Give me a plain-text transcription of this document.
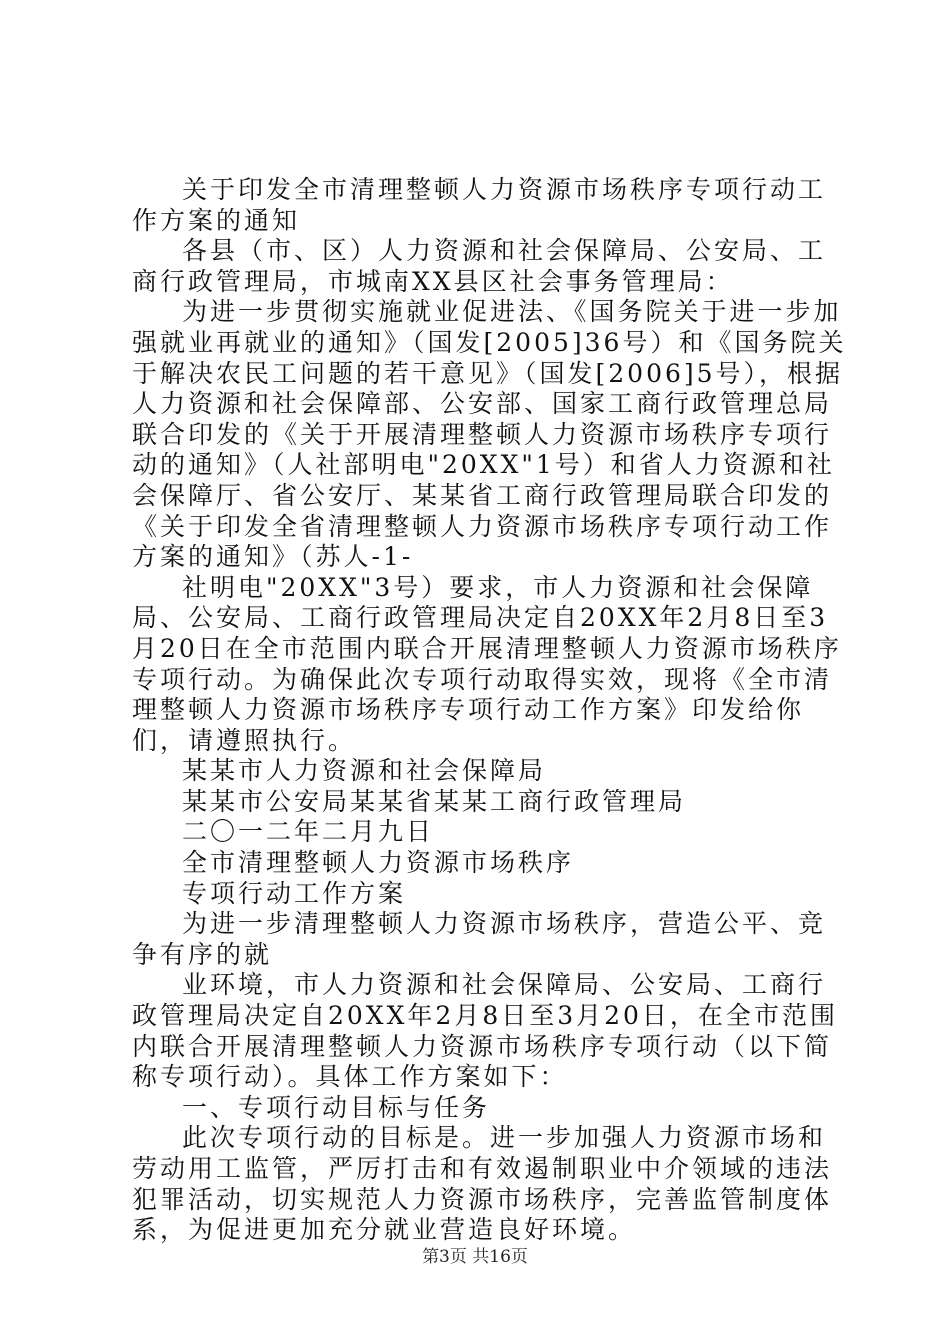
关于印发全市清理整顿人力资源市场秩序专项行动工作方案的通知

各县（市、区）人力资源和社会保障局、公安局、工商行政管理局，市城南XX县区社会事务管理局：

为进一步贯彻实施就业促进法、《国务院关于进一步加强就业再就业的通知》（国发[2005]36号）和《国务院关于解决农民工问题的若干意见》（国发[2006]5号），根据人力资源和社会保障部、公安部、国家工商行政管理总局联合印发的《关于开展清理整顿人力资源市场秩序专项行动的通知》（人社部明电"20XX"1号）和省人力资源和社会保障厅、省公安厅、某某省工商行政管理局联合印发的《关于印发全省清理整顿人力资源市场秩序专项行动工作方案的通知》（苏人-1-

社明电"20XX"3号）要求，市人力资源和社会保障局、公安局、工商行政管理局决定自20XX年2月8日至3月20日在全市范围内联合开展清理整顿人力资源市场秩序专项行动。为确保此次专项行动取得实效，现将《全市清理整顿人力资源市场秩序专项行动工作方案》印发给你们，请遵照执行。

某某市人力资源和社会保障局

某某市公安局某某省某某工商行政管理局

二〇一二年二月九日

全市清理整顿人力资源市场秩序

专项行动工作方案

为进一步清理整顿人力资源市场秩序，营造公平、竞争有序的就

业环境，市人力资源和社会保障局、公安局、工商行政管理局决定自20XX年2月8日至3月20日，在全市范围内联合开展清理整顿人力资源市场秩序专项行动（以下简称专项行动）。具体工作方案如下：

一、专项行动目标与任务

此次专项行动的目标是。进一步加强人力资源市场和劳动用工监管，严厉打击和有效遏制职业中介领域的违法犯罪活动，切实规范人力资源市场秩序，完善监管制度体系，为促进更加充分就业营造良好环境。

第3页 共16页
